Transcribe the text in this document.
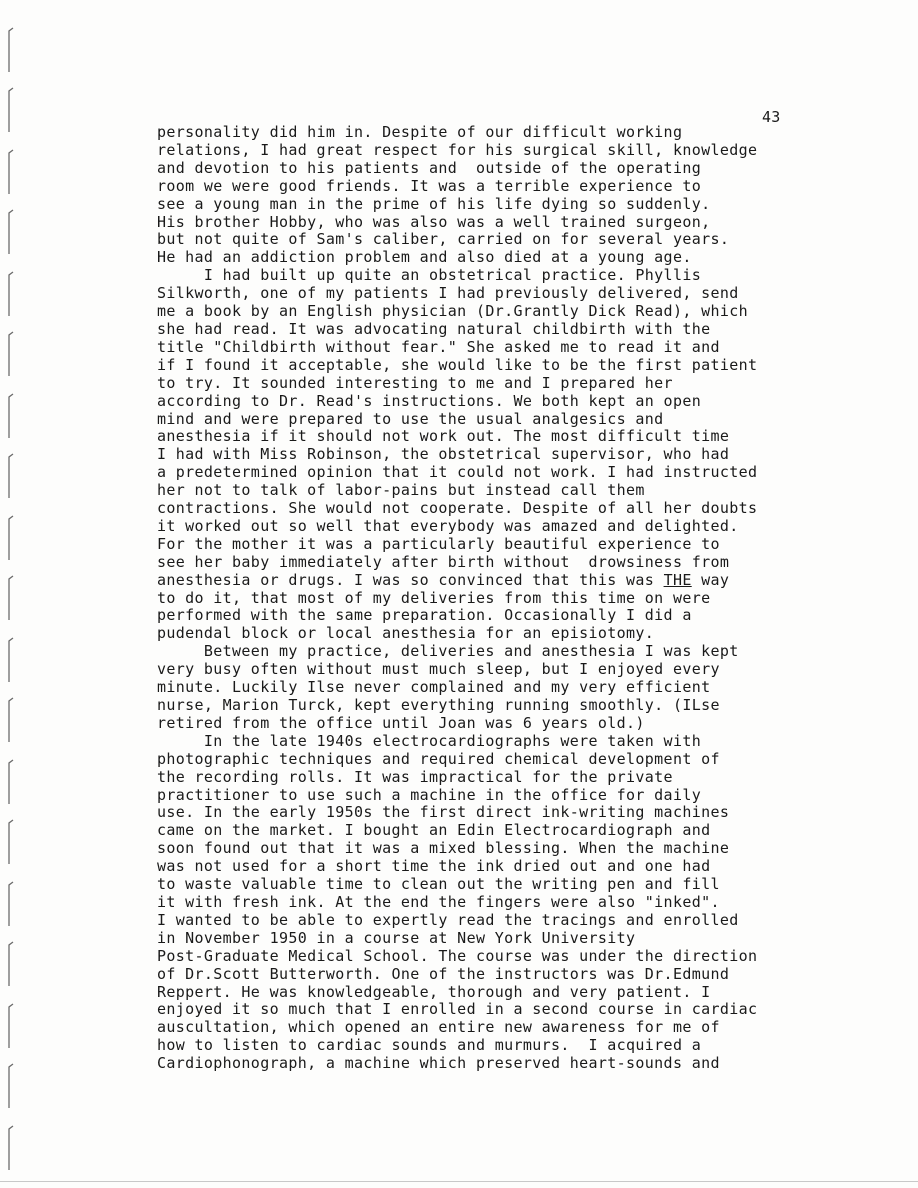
43
personality did him in. Despite of our difficult working
relations, I had great respect for his surgical skill, knowledge
and devotion to his patients and  outside of the operating
room we were good friends. It was a terrible experience to
see a young man in the prime of his life dying so suddenly.
His brother Hobby, who was also was a well trained surgeon,
but not quite of Sam's caliber, carried on for several years.
He had an addiction problem and also died at a young age.
I had built up quite an obstetrical practice. Phyllis
Silkworth, one of my patients I had previously delivered, send
me a book by an English physician (Dr.Grantly Dick Read), which
she had read. It was advocating natural childbirth with the
title "Childbirth without fear." She asked me to read it and
if I found it acceptable, she would like to be the first patient
to try. It sounded interesting to me and I prepared her
according to Dr. Read's instructions. We both kept an open
mind and were prepared to use the usual analgesics and
anesthesia if it should not work out. The most difficult time
I had with Miss Robinson, the obstetrical supervisor, who had
a predetermined opinion that it could not work. I had instructed
her not to talk of labor-pains but instead call them
contractions. She would not cooperate. Despite of all her doubts
it worked out so well that everybody was amazed and delighted.
For the mother it was a particularly beautiful experience to
see her baby immediately after birth without  drowsiness from
anesthesia or drugs. I was so convinced that this was THE way
to do it, that most of my deliveries from this time on were
performed with the same preparation. Occasionally I did a
pudendal block or local anesthesia for an episiotomy.
Between my practice, deliveries and anesthesia I was kept
very busy often without must much sleep, but I enjoyed every
minute. Luckily Ilse never complained and my very efficient
nurse, Marion Turck, kept everything running smoothly. (ILse
retired from the office until Joan was 6 years old.)
In the late 1940s electrocardiographs were taken with
photographic techniques and required chemical development of
the recording rolls. It was impractical for the private
practitioner to use such a machine in the office for daily
use. In the early 1950s the first direct ink-writing machines
came on the market. I bought an Edin Electrocardiograph and
soon found out that it was a mixed blessing. When the machine
was not used for a short time the ink dried out and one had
to waste valuable time to clean out the writing pen and fill
it with fresh ink. At the end the fingers were also "inked".
I wanted to be able to expertly read the tracings and enrolled
in November 1950 in a course at New York University
Post-Graduate Medical School. The course was under the direction
of Dr.Scott Butterworth. One of the instructors was Dr.Edmund
Reppert. He was knowledgeable, thorough and very patient. I
enjoyed it so much that I enrolled in a second course in cardiac
auscultation, which opened an entire new awareness for me of
how to listen to cardiac sounds and murmurs.  I acquired a
Cardiophonograph, a machine which preserved heart-sounds and
